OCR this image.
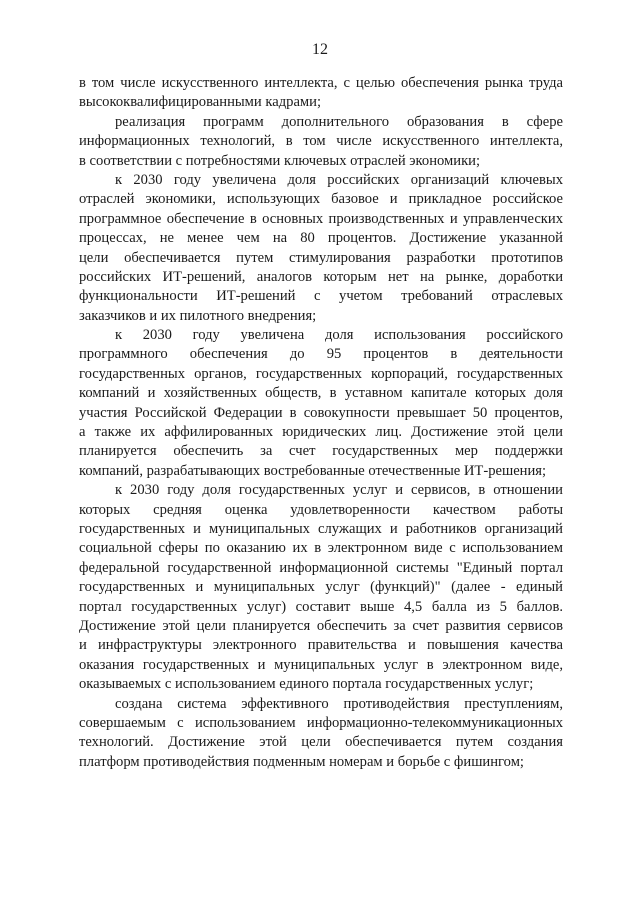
12
в том числе искусственного интеллекта, с целью обеспечения рынка труда
высококвалифицированными кадрами;
реализация программ дополнительного образования в сфере
информационных технологий, в том числе искусственного интеллекта,
в соответствии с потребностями ключевых отраслей экономики;
к 2030 году увеличена доля российских организаций ключевых
отраслей экономики, использующих базовое и прикладное российское
программное обеспечение в основных производственных и управленческих
процессах, не менее чем на 80 процентов. Достижение указанной
цели обеспечивается путем стимулирования разработки прототипов
российских ИТ-решений, аналогов которым нет на рынке, доработки
функциональности ИТ-решений с учетом требований отраслевых
заказчиков и их пилотного внедрения;
к 2030 году увеличена доля использования российского
программного обеспечения до 95 процентов в деятельности
государственных органов, государственных корпораций, государственных
компаний и хозяйственных обществ, в уставном капитале которых доля
участия Российской Федерации в совокупности превышает 50 процентов,
а также их аффилированных юридических лиц. Достижение этой цели
планируется обеспечить за счет государственных мер поддержки
компаний, разрабатывающих востребованные отечественные ИТ-решения;
к 2030 году доля государственных услуг и сервисов, в отношении
которых средняя оценка удовлетворенности качеством работы
государственных и муниципальных служащих и работников организаций
социальной сферы по оказанию их в электронном виде с использованием
федеральной государственной информационной системы "Единый портал
государственных и муниципальных услуг (функций)" (далее - единый
портал государственных услуг) составит выше 4,5 балла из 5 баллов.
Достижение этой цели планируется обеспечить за счет развития сервисов
и инфраструктуры электронного правительства и повышения качества
оказания государственных и муниципальных услуг в электронном виде,
оказываемых с использованием единого портала государственных услуг;
создана система эффективного противодействия преступлениям,
совершаемым с использованием информационно-телекоммуникационных
технологий. Достижение этой цели обеспечивается путем создания
платформ противодействия подменным номерам и борьбе с фишингом;
